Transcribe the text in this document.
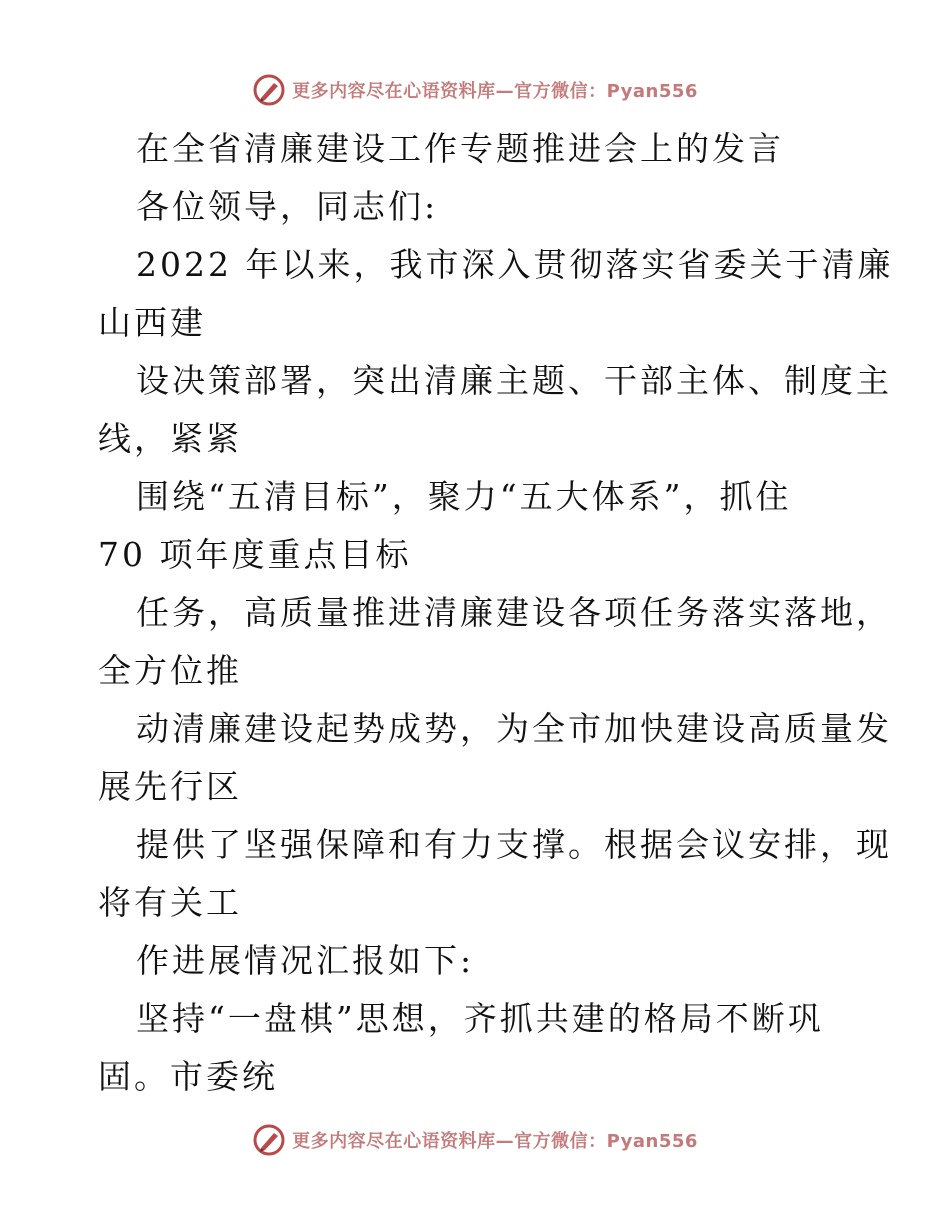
更多内容尽在心语资料库—官方微信：Pyan556

在全省清廉建设工作专题推进会上的发言

各位领导，同志们:

2022 年以来，我市深入贯彻落实省委关于清廉

山西建

设决策部署，突出清廉主题、干部主体、制度主

线，紧紧

围绕“五清目标”，聚力“五大体系”，抓住

70 项年度重点目标

任务，高质量推进清廉建设各项任务落实落地，

全方位推

动清廉建设起势成势，为全市加快建设高质量发

展先行区

提供了坚强保障和有力支撑。根据会议安排，现

将有关工

作进展情况汇报如下:

坚持“一盘棋”思想，齐抓共建的格局不断巩

固。市委统

更多内容尽在心语资料库—官方微信：Pyan556
